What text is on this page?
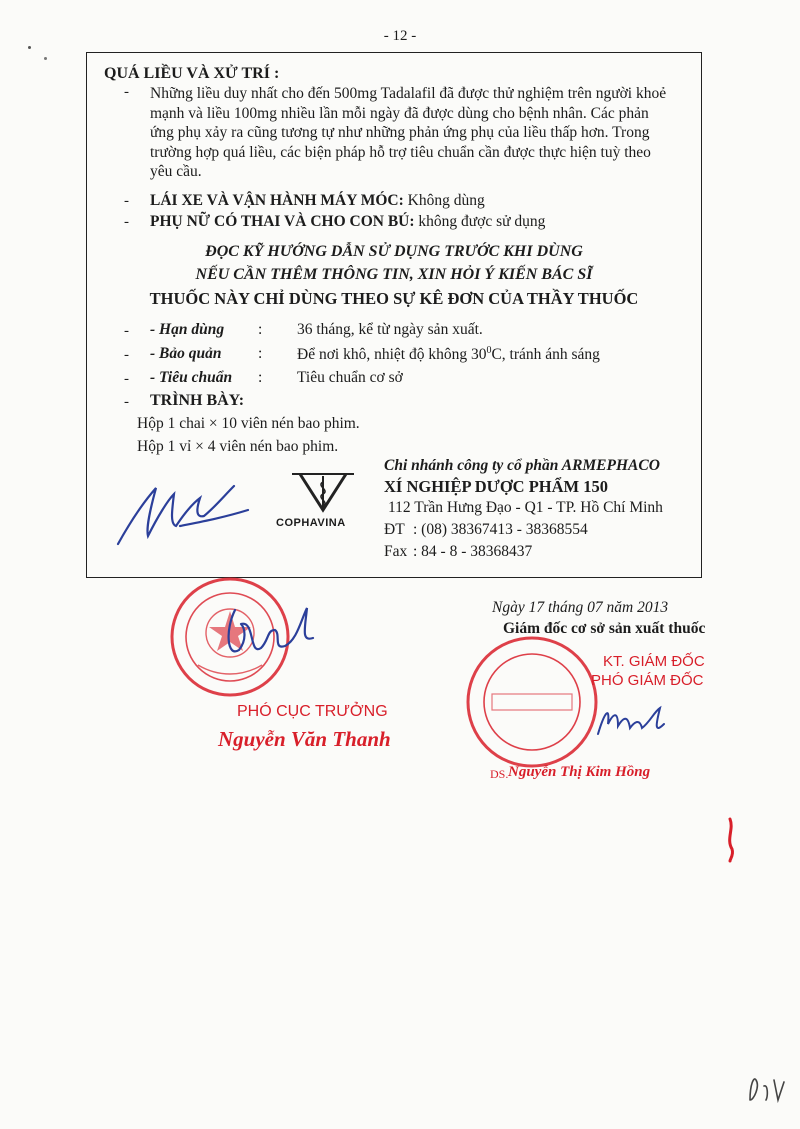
- 12 -
QUÁ LIỀU VÀ XỬ TRÍ :
- Những liều duy nhất cho đến 500mg Tadalafil đã được thử nghiệm trên người khoẻ
mạnh và liều 100mg nhiều lần mỗi ngày đã được dùng cho bệnh nhân. Các phản
ứng phụ xảy ra cũng tương tự như những phản ứng phụ của liều thấp hơn. Trong
trường hợp quá liều, các biện pháp hỗ trợ tiêu chuẩn cần được thực hiện tuỳ theo
yêu cầu.
- LÁI XE VÀ VẬN HÀNH MÁY MÓC: Không dùng
- PHỤ NỮ CÓ THAI VÀ CHO CON BÚ: không được sử dụng
ĐỌC KỸ HƯỚNG DẪN SỬ DỤNG TRƯỚC KHI DÙNG
NẾU CẦN THÊM THÔNG TIN, XIN HỎI Ý KIẾN BÁC SĨ
THUỐC NÀY CHỈ DÙNG THEO SỰ KÊ ĐƠN CỦA THẦY THUỐC
- - Hạn dùng : 36 tháng, kể từ ngày sản xuất.
- - Bảo quản : Để nơi khô, nhiệt độ không $30^0C$, tránh ánh sáng
- - Tiêu chuẩn : Tiêu chuẩn cơ sở
- TRÌNH BÀY:
Hộp 1 chai × 10 viên nén bao phim.
Hộp 1 vỉ × 4 viên nén bao phim.
COPHAVINA
Chi nhánh công ty cổ phần ARMEPHACO
XÍ NGHIỆP DƯỢC PHẨM 150
112 Trần Hưng Đạo - Q1 - TP. Hồ Chí Minh
ĐT : (08) 38367413 - 38368554
Fax : 84 - 8 - 38368437
Ngày 17 tháng 07 năm 2013
Giám đốc cơ sở sản xuất thuốc
PHÓ CỤC TRƯỞNG
Nguyễn Văn Thanh
KT. GIÁM ĐỐC
PHÓ GIÁM ĐỐC
DS. Nguyễn Thị Kim Hồng
